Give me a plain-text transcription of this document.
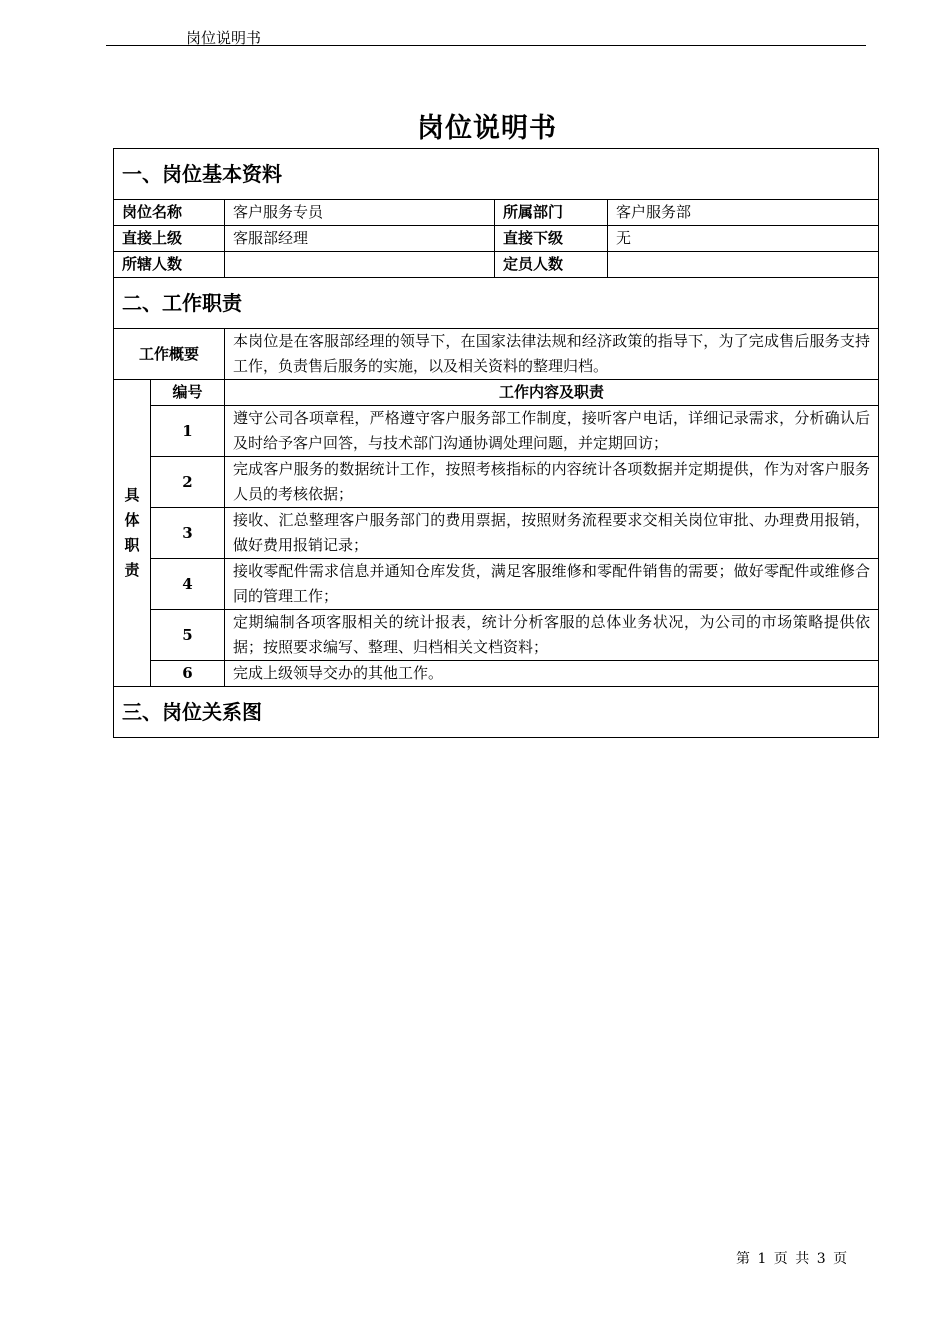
岗位说明书
岗位说明书
一、岗位基本资料				
岗位名称		客户服务专员	所属部门	客户服务部
直接上级		客服部经理	直接下级	无
所辖人数			定员人数	
二、工作职责				
工作概要		本岗位是在客服部经理的领导下，在国家法律法规和经济政策的指导下，为了完成售后服务支持工作，负责售后服务的实施，以及相关资料的整理归档。		
具
体
职
责	编号	工作内容及职责		
	1	遵守公司各项章程，严格遵守客户服务部工作制度，接听客户电话，详细记录需求，分析确认后及时给予客户回答，与技术部门沟通协调处理问题，并定期回访；		
	2	完成客户服务的数据统计工作，按照考核指标的内容统计各项数据并定期提供，作为对客户服务人员的考核依据；		
	3	接收、汇总整理客户服务部门的费用票据，按照财务流程要求交相关岗位审批、办理费用报销，做好费用报销记录；		
	4	接收零配件需求信息并通知仓库发货，满足客服维修和零配件销售的需要；做好零配件或维修合同的管理工作；		
	5	定期编制各项客服相关的统计报表，统计分析客服的总体业务状况，为公司的市场策略提供依据；按照要求编写、整理、归档相关文档资料；		
	6	完成上级领导交办的其他工作。		
三、岗位关系图				
第 1 页 共 3 页
